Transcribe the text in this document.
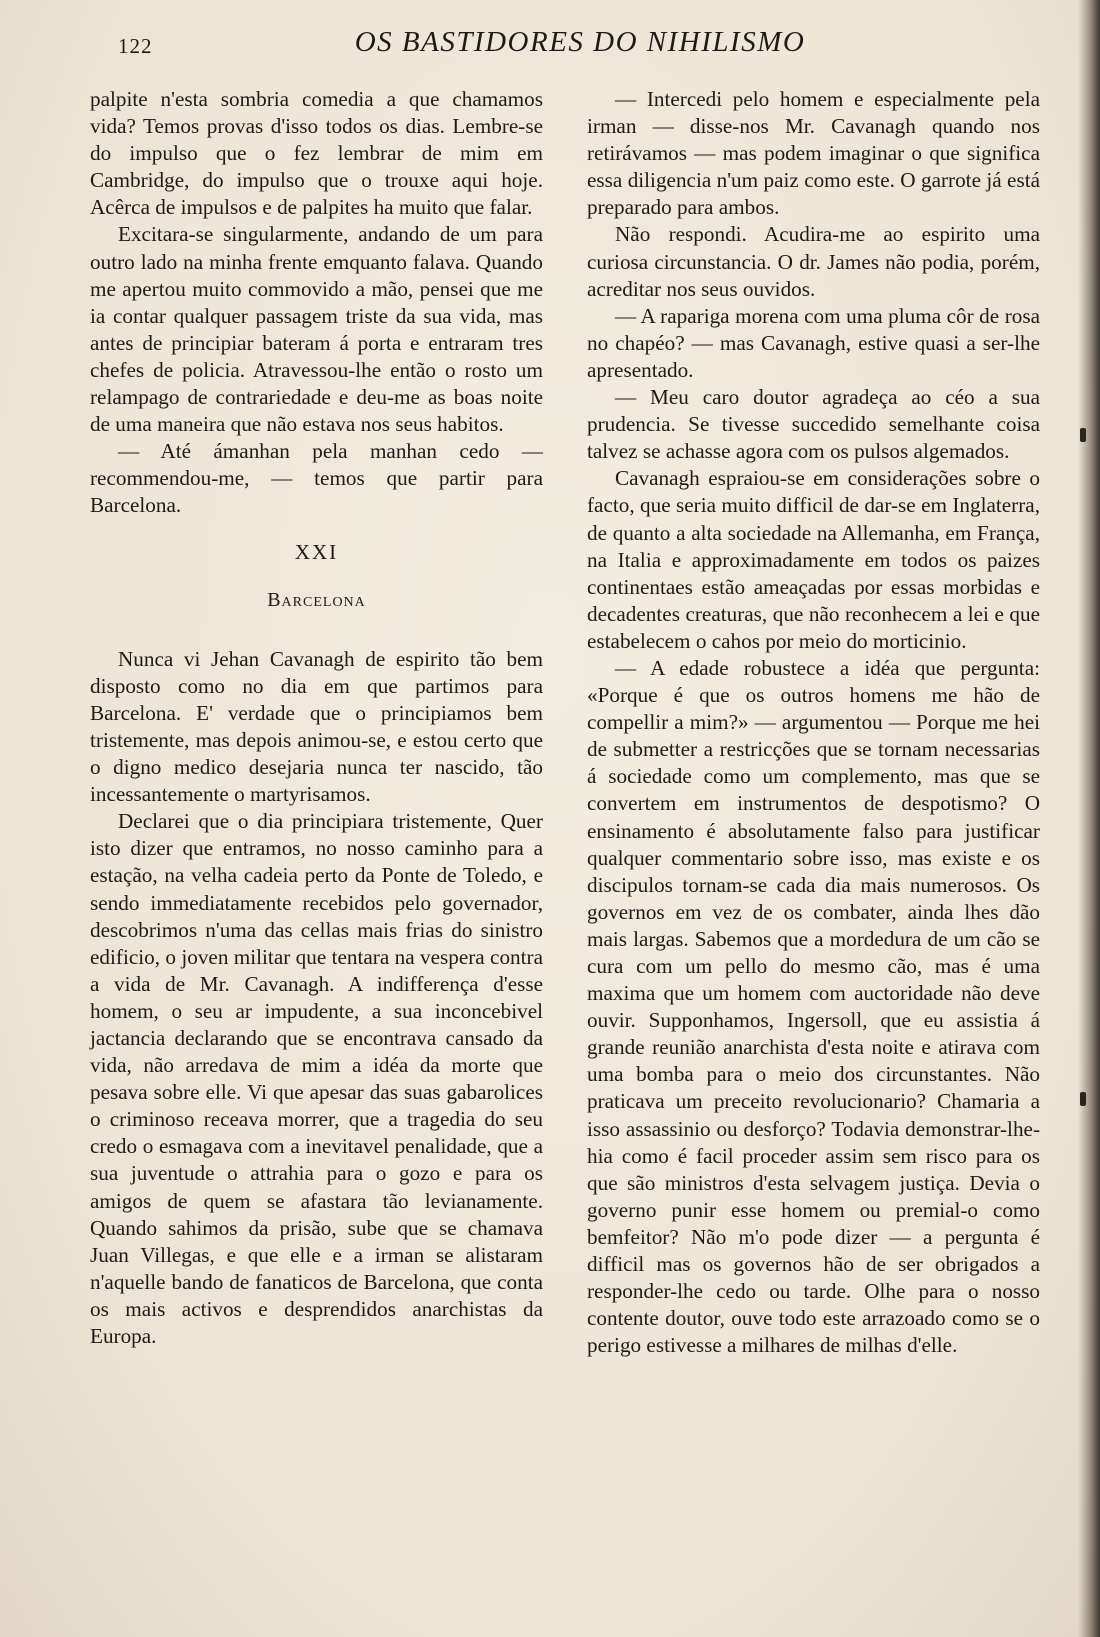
122	OS BASTIDORES DO NIHILISMO

palpite n'esta sombria comedia a que chamamos vida? Temos provas d'isso todos os dias. Lembre-se do impulso que o fez lembrar de mim em Cambridge, do impulso que o trouxe aqui hoje. Acêrca de impulsos e de palpites ha muito que falar.

Excitara-se singularmente, andando de um para outro lado na minha frente emquanto falava. Quando me apertou muito commovido a mão, pensei que me ia contar qualquer passagem triste da sua vida, mas antes de principiar bateram á porta e entraram tres chefes de policia. Atravessou-lhe então o rosto um relampago de contrariedade e deu-me as boas noite de uma maneira que não estava nos seus habitos.

— Até ámanhan pela manhan cedo — recommendou-me, — temos que partir para Barcelona.

XXI
Barcelona

Nunca vi Jehan Cavanagh de espirito tão bem disposto como no dia em que partimos para Barcelona. E' verdade que o principiamos bem tristemente, mas depois animou-se, e estou certo que o digno medico desejaria nunca ter nascido, tão incessantemente o martyrisamos.

Declarei que o dia principiara tristemente, Quer isto dizer que entramos, no nosso caminho para a estação, na velha cadeia perto da Ponte de Toledo, e sendo immediatamente recebidos pelo governador, descobrimos n'uma das cellas mais frias do sinistro edificio, o joven militar que tentara na vespera contra a vida de Mr. Cavanagh. A indifferença d'esse homem, o seu ar impudente, a sua inconcebivel jactancia declarando que se encontrava cansado da vida, não arredava de mim a idéa da morte que pesava sobre elle. Vi que apesar das suas gabarolices o criminoso receava morrer, que a tragedia do seu credo o esmagava com a inevitavel penalidade, que a sua juventude o attrahia para o gozo e para os amigos de quem se afastara tão levianamente. Quando sahimos da prisão, sube que se chamava Juan Villegas, e que elle e a irman se alistaram n'aquelle bando de fanaticos de Barcelona, que conta os mais activos e desprendidos anarchistas da Europa.

— Intercedi pelo homem e especialmente pela irman — disse-nos Mr. Cavanagh quando nos retirávamos — mas podem imaginar o que significa essa diligencia n'um paiz como este. O garrote já está preparado para ambos.

Não respondi. Acudira-me ao espirito uma curiosa circunstancia. O dr. James não podia, porém, acreditar nos seus ouvidos.

— A rapariga morena com uma pluma côr de rosa no chapéo? — mas Cavanagh, estive quasi a ser-lhe apresentado.

— Meu caro doutor agradeça ao céo a sua prudencia. Se tivesse succedido semelhante coisa talvez se achasse agora com os pulsos algemados.

Cavanagh espraiou-se em considerações sobre o facto, que seria muito difficil de dar-se em Inglaterra, de quanto a alta sociedade na Allemanha, em França, na Italia e approximadamente em todos os paizes continentaes estão ameaçadas por essas morbidas e decadentes creaturas, que não reconhecem a lei e que estabelecem o cahos por meio do morticinio.

— A edade robustece a idéa que pergunta: «Porque é que os outros homens me hão de compellir a mim?» — argumentou — Porque me hei de submetter a restricções que se tornam necessarias á sociedade como um complemento, mas que se convertem em instrumentos de despotismo? O ensinamento é absolutamente falso para justificar qualquer commentario sobre isso, mas existe e os discipulos tornam-se cada dia mais numerosos. Os governos em vez de os combater, ainda lhes dão mais largas. Sabemos que a mordedura de um cão se cura com um pello do mesmo cão, mas é uma maxima que um homem com auctoridade não deve ouvir. Supponhamos, Ingersoll, que eu assistia á grande reunião anarchista d'esta noite e atirava com uma bomba para o meio dos circunstantes. Não praticava um preceito revolucionario? Chamaria a isso assassinio ou desforço? Todavia demonstrar-lhe-hia como é facil proceder assim sem risco para os que são ministros d'esta selvagem justiça. Devia o governo punir esse homem ou premial-o como bemfeitor? Não m'o pode dizer — a pergunta é difficil mas os governos hão de ser obrigados a responder-lhe cedo ou tarde. Olhe para o nosso contente doutor, ouve todo este arrazoado como se o perigo estivesse a milhares de milhas d'elle.
